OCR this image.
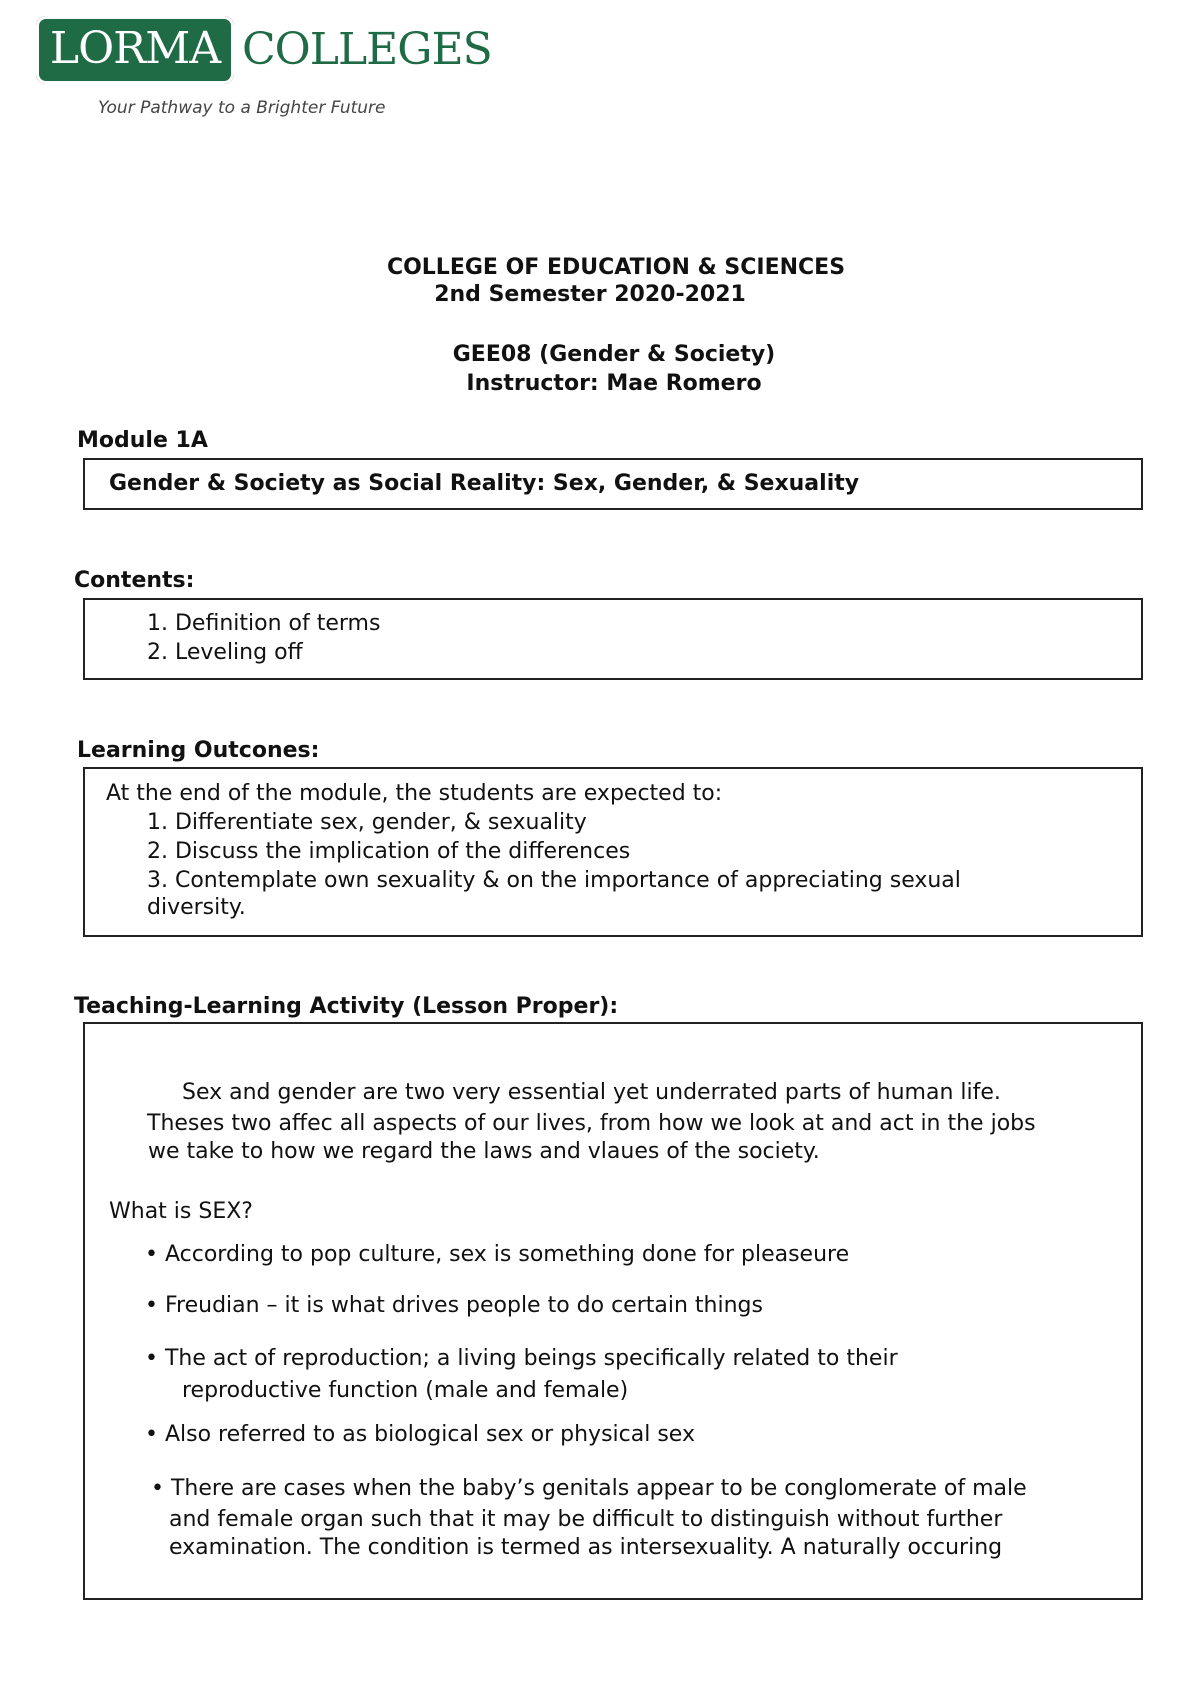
LORMA COLLEGES
Your Pathway to a Brighter Future
COLLEGE OF EDUCATION & SCIENCES
2nd Semester 2020-2021
GEE08 (Gender & Society)
Instructor: Mae Romero
Module 1A
Gender & Society as Social Reality: Sex, Gender, & Sexuality
Contents:
1. Definition of terms
2. Leveling off
Learning Outcones:
At the end of the module, the students are expected to:
1. Differentiate sex, gender, & sexuality
2. Discuss the implication of the differences
3. Contemplate own sexuality & on the importance of appreciating sexual
diversity.
Teaching-Learning Activity (Lesson Proper):
Sex and gender are two very essential yet underrated parts of human life.
Theses two affec all aspects of our lives, from how we look at and act in the jobs
we take to how we regard the laws and vlaues of the society.
What is SEX?
• According to pop culture, sex is something done for pleaseure
• Freudian – it is what drives people to do certain things
• The act of reproduction; a living beings specifically related to their
reproductive function (male and female)
• Also referred to as biological sex or physical sex
• There are cases when the baby’s genitals appear to be conglomerate of male
and female organ such that it may be difficult to distinguish without further
examination. The condition is termed as intersexuality. A naturally occuring
